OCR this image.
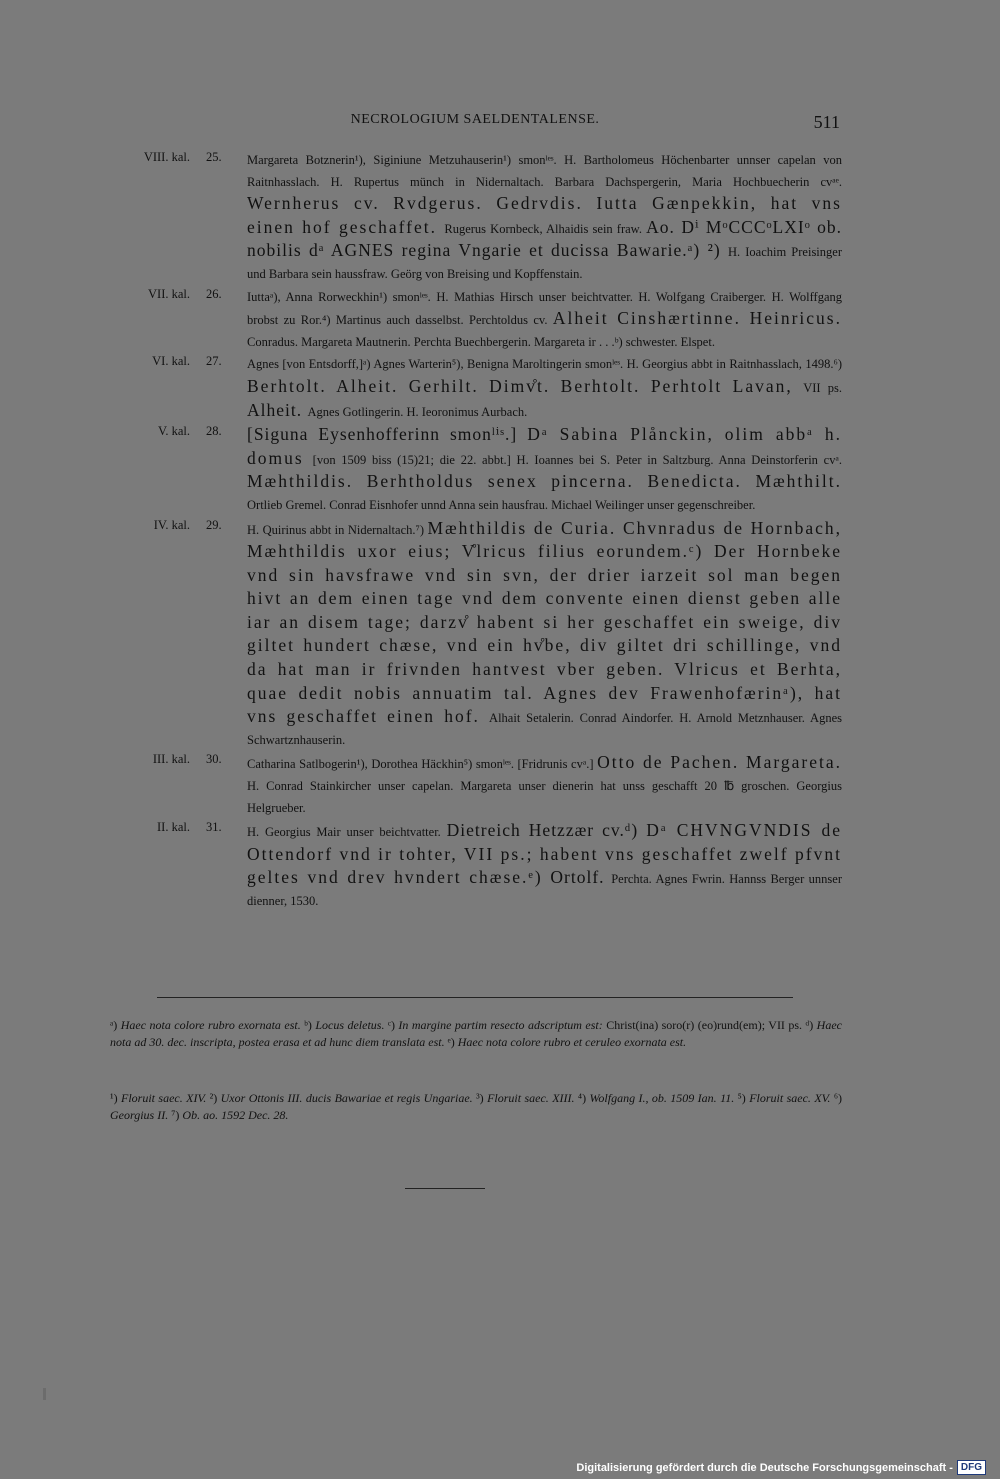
NECROLOGIUM SAELDENTALENSE.	511
VIII. kal. 25.	Margareta Botznerin¹), Siginiune Metzuhauserin¹) smonˡᵉˢ. H. Bartholomeus Höchenbarter unnser capelan von Raitnhasslach. H. Rupertus münch in Nidernaltach. Barbara Dachspergerin, Maria Hochbuecherin cvᵃᵉ. Wernherus cv. Rvdgerus. Gedrvdis. Iutta Gænpekkin, hat vns einen hof geschaffet. Rugerus Kornbeck, Alhaidis sein fraw. Ao. Dⁱ MᵒCCCᵒLXIᵒ ob. nobilis dᵃ AGNES regina Vngarie et ducissa Bawarie.ᵃ) ²) H. Ioachim Preisinger und Barbara sein haussfraw. Geörg von Breising und Kopffenstain.
VII. kal. 26.	Iuttaᵃ), Anna Rorweckhin¹) smonˡᵉˢ. H. Mathias Hirsch unser beichtvatter. H. Wolfgang Craiberger. H. Wolffgang brobst zu Ror.⁴) Martinus auch dasselbst. Perchtoldus cv. Alheit Cinshærtinne. Heinricus. Conradus. Margareta Mautnerin. Perchta Buechbergerin. Margareta ir . . .ᵇ) schwester. Elspet.
VI. kal. 27.	Agnes [von Entsdorff,]ᵃ) Agnes Warterin⁵), Benigna Maroltingerin smonˡᵉˢ. H. Georgius abbt in Raitnhasslach, 1498.⁶) Berhtolt. Alheit. Gerhilt. Dimv̊t. Berhtolt. Perhtolt Lavan, VII ps. Alheit. Agnes Gotlingerin. H. Ieoronimus Aurbach.
V. kal. 28.	[Siguna Eysenhofferinn smonˡⁱˢ.] Dᵃ Sabina Plånckin, olim abbᵃ h. domus [von 1509 biss (15)21; die 22. abbt.] H. Ioannes bei S. Peter in Saltzburg. Anna Deinstorferin cvᵃ. Mæhthildis. Berhtholdus senex pincerna. Benedicta. Mæhthilt. Ortlieb Gremel. Conrad Eisnhofer unnd Anna sein hausfrau. Michael Weilinger unser gegenschreiber.
IV. kal. 29.	H. Quirinus abbt in Nidernaltach.⁷) Mæhthildis de Curia. Chvnradus de Hornbach, Mæhthildis uxor eius; V̊lricus filius eorundem.ᶜ) Der Hornbeke vnd sin havsfrawe vnd sin svn, der drier iarzeit sol man begen hivt an dem einen tage vnd dem convente einen dienst geben alle iar an disem tage; darzv̊ habent si her geschaffet ein sweige, div giltet hundert chæse, vnd ein hv̊be, div giltet dri schillinge, vnd da hat man ir frivnden hantvest vber geben. Vlricus et Berhta, quae dedit nobis annuatim tal. Agnes dev Frawenhofærinᵃ), hat vns geschaffet einen hof. Alhait Setalerin. Conrad Aindorfer. H. Arnold Metznhauser. Agnes Schwartznhauserin.
III. kal. 30.	Catharina Satlbogerin¹), Dorothea Häckhin⁵) smonˡᵉˢ. [Fridrunis cvᵃ.] Otto de Pachen. Margareta. H. Conrad Stainkircher unser capelan. Margareta unser dienerin hat unss geschafft 20 ℔ groschen. Georgius Helgrueber.
II. kal. 31.	H. Georgius Mair unser beichtvatter. Dietreich Hetzzær cv.ᵈ) Dᵃ CHVNGVNDIS de Ottendorf vnd ir tohter, VII ps.; habent vns geschaffet zwelf pfvnt geltes vnd drev hvndert chæse.ᵉ) Ortolf. Perchta. Agnes Fwrin. Hannss Berger unnser dienner, 1530.
ᵃ) Haec nota colore rubro exornata est. ᵇ) Locus deletus. ᶜ) In margine partim resecto adscriptum est: Christ(ina) soro(r) (eo)rund(em); VII ps. ᵈ) Haec nota ad 30. dec. inscripta, postea erasa et ad hunc diem translata est. ᵉ) Haec nota colore rubro et ceruleo exornata est.
¹) Floruit saec. XIV. ²) Uxor Ottonis III. ducis Bawariae et regis Ungariae. ³) Floruit saec. XIII. ⁴) Wolfgang I., ob. 1509 Ian. 11. ⁵) Floruit saec. XV. ⁶) Georgius II. ⁷) Ob. ao. 1592 Dec. 28.
Digitalisierung gefördert durch die Deutsche Forschungsgemeinschaft - DFG
